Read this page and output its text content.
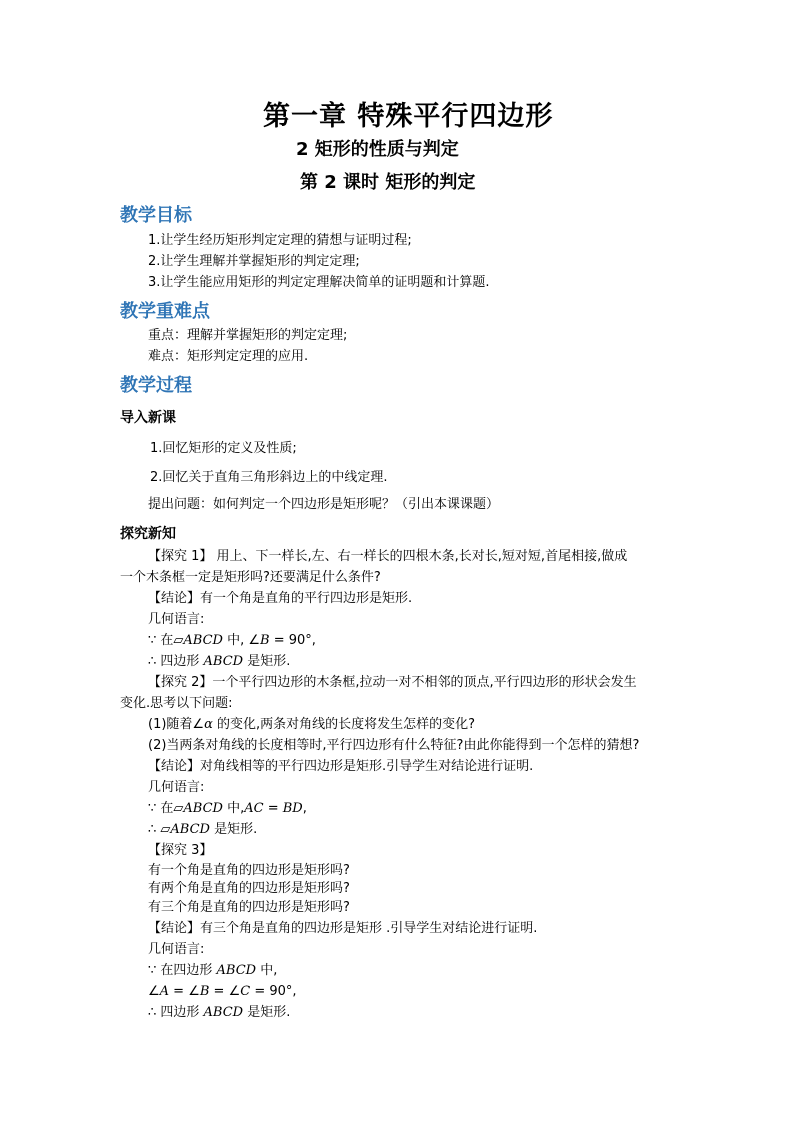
第一章 特殊平行四边形
2 矩形的性质与判定
第 2 课时 矩形的判定
教学目标
1.让学生经历矩形判定定理的猜想与证明过程;
2.让学生理解并掌握矩形的判定定理;
3.让学生能应用矩形的判定定理解决简单的证明题和计算题.
教学重难点
重点：理解并掌握矩形的判定定理;
难点：矩形判定定理的应用.
教学过程
导入新课
1.回忆矩形的定义及性质;
2.回忆关于直角三角形斜边上的中线定理.
提出问题：如何判定一个四边形是矩形呢？（引出本课课题）
探究新知
【探究 1】 用上、下一样长,左、右一样长的四根木条,长对长,短对短,首尾相接,做成
一个木条框一定是矩形吗?还要满足什么条件?
【结论】有一个角是直角的平行四边形是矩形.
几何语言:
∵ 在▱ABCD 中, ∠B = 90°,
∴ 四边形 ABCD 是矩形.
【探究 2】一个平行四边形的木条框,拉动一对不相邻的顶点,平行四边形的形状会发生
变化.思考以下问题:
(1)随着∠α 的变化,两条对角线的长度将发生怎样的变化?
(2)当两条对角线的长度相等时,平行四边形有什么特征?由此你能得到一个怎样的猜想?
【结论】对角线相等的平行四边形是矩形.引导学生对结论进行证明.
几何语言:
∵ 在▱ABCD 中,AC = BD,
∴ ▱ABCD 是矩形.
【探究 3】
有一个角是直角的四边形是矩形吗?
有两个角是直角的四边形是矩形吗?
有三个角是直角的四边形是矩形吗?
【结论】有三个角是直角的四边形是矩形 .引导学生对结论进行证明.
几何语言:
∵ 在四边形 ABCD 中,
∠A = ∠B = ∠C = 90°,
∴ 四边形 ABCD 是矩形.
